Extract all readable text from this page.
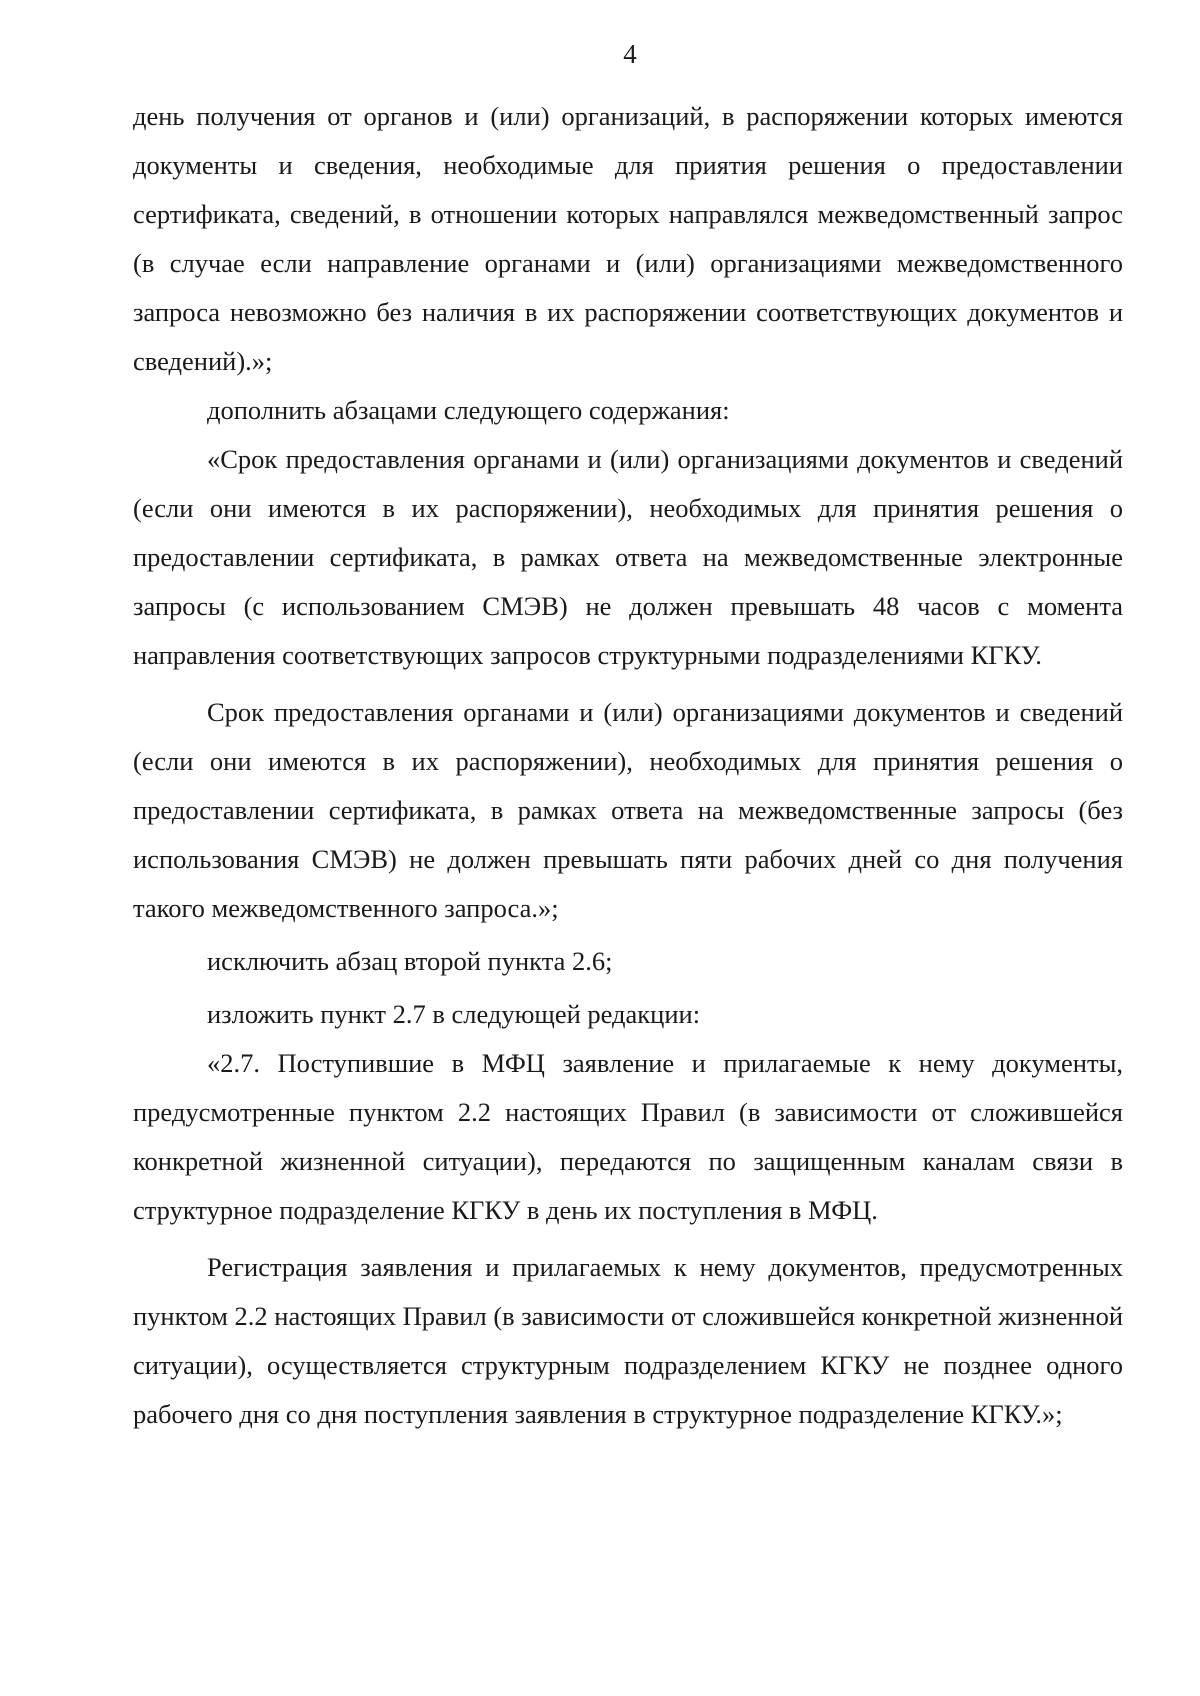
4

день получения от органов и (или) организаций, в распоряжении которых имеются документы и сведения, необходимые для приятия решения о предоставлении сертификата, сведений, в отношении которых направлялся межведомственный запрос (в случае если направление органами и (или) организациями межведомственного запроса невозможно без наличия в их распоряжении соответствующих документов и сведений).»;

дополнить абзацами следующего содержания:

«Срок предоставления органами и (или) организациями документов и сведений (если они имеются в их распоряжении), необходимых для принятия решения о предоставлении сертификата, в рамках ответа на межведомственные электронные запросы (с использованием СМЭВ) не должен превышать 48 часов с момента направления соответствующих запросов структурными подразделениями КГКУ.

Срок предоставления органами и (или) организациями документов и сведений (если они имеются в их распоряжении), необходимых для принятия решения о предоставлении сертификата, в рамках ответа на межведомственные запросы (без использования СМЭВ) не должен превышать пяти рабочих дней со дня получения такого межведомственного запроса.»;

исключить абзац второй пункта 2.6;

изложить пункт 2.7 в следующей редакции:

«2.7. Поступившие в МФЦ заявление и прилагаемые к нему документы, предусмотренные пунктом 2.2 настоящих Правил (в зависимости от сложившейся конкретной жизненной ситуации), передаются по защищенным каналам связи в структурное подразделение КГКУ в день их поступления в МФЦ.

Регистрация заявления и прилагаемых к нему документов, предусмотренных пунктом 2.2 настоящих Правил (в зависимости от сложившейся конкретной жизненной ситуации), осуществляется структурным подразделением КГКУ не позднее одного рабочего дня со дня поступления заявления в структурное подразделение КГКУ.»;
